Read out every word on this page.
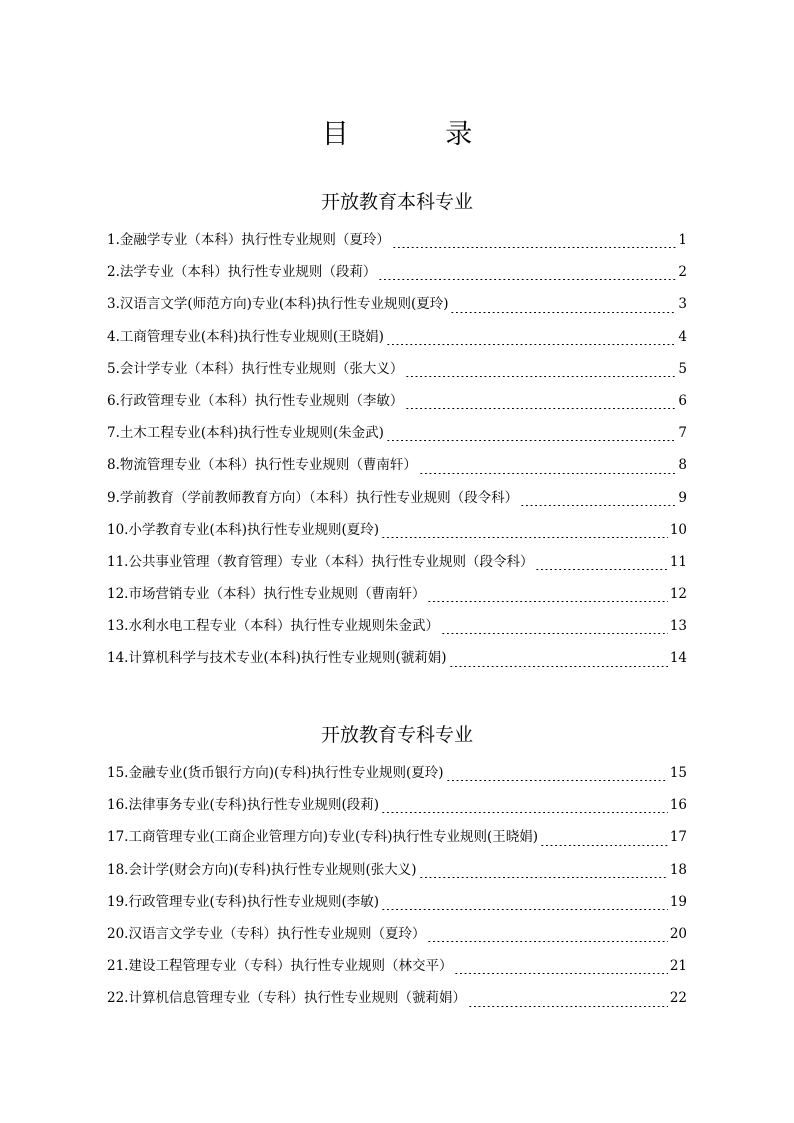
目 录
开放教育本科专业
1.金融学专业（本科）执行性专业规则（夏玲）	1
2.法学专业（本科）执行性专业规则（段莉）	2
3.汉语言文学(师范方向)专业(本科)执行性专业规则(夏玲)	3
4.工商管理专业(本科)执行性专业规则(王晓娟)	4
5.会计学专业（本科）执行性专业规则（张大义）	5
6.行政管理专业（本科）执行性专业规则（李敏）	6
7.土木工程专业(本科)执行性专业规则(朱金武)	7
8.物流管理专业（本科）执行性专业规则（曹南轩）	8
9.学前教育（学前教师教育方向）（本科）执行性专业规则（段令科）	9
10.小学教育专业(本科)执行性专业规则(夏玲)	10
11.公共事业管理（教育管理）专业（本科）执行性专业规则（段令科）	11
12.市场营销专业（本科）执行性专业规则（曹南轩）	12
13.水利水电工程专业（本科）执行性专业规则朱金武）	13
14.计算机科学与技术专业(本科)执行性专业规则(虢莉娟)	14
开放教育专科专业
15.金融专业(货币银行方向)(专科)执行性专业规则(夏玲)	15
16.法律事务专业(专科)执行性专业规则(段莉)	16
17.工商管理专业(工商企业管理方向)专业(专科)执行性专业规则(王晓娟)	17
18.会计学(财会方向)(专科)执行性专业规则(张大义)	18
19.行政管理专业(专科)执行性专业规则(李敏)	19
20.汉语言文学专业（专科）执行性专业规则（夏玲）	20
21.建设工程管理专业（专科）执行性专业规则（林交平）	21
22.计算机信息管理专业（专科）执行性专业规则（虢莉娟）	22
